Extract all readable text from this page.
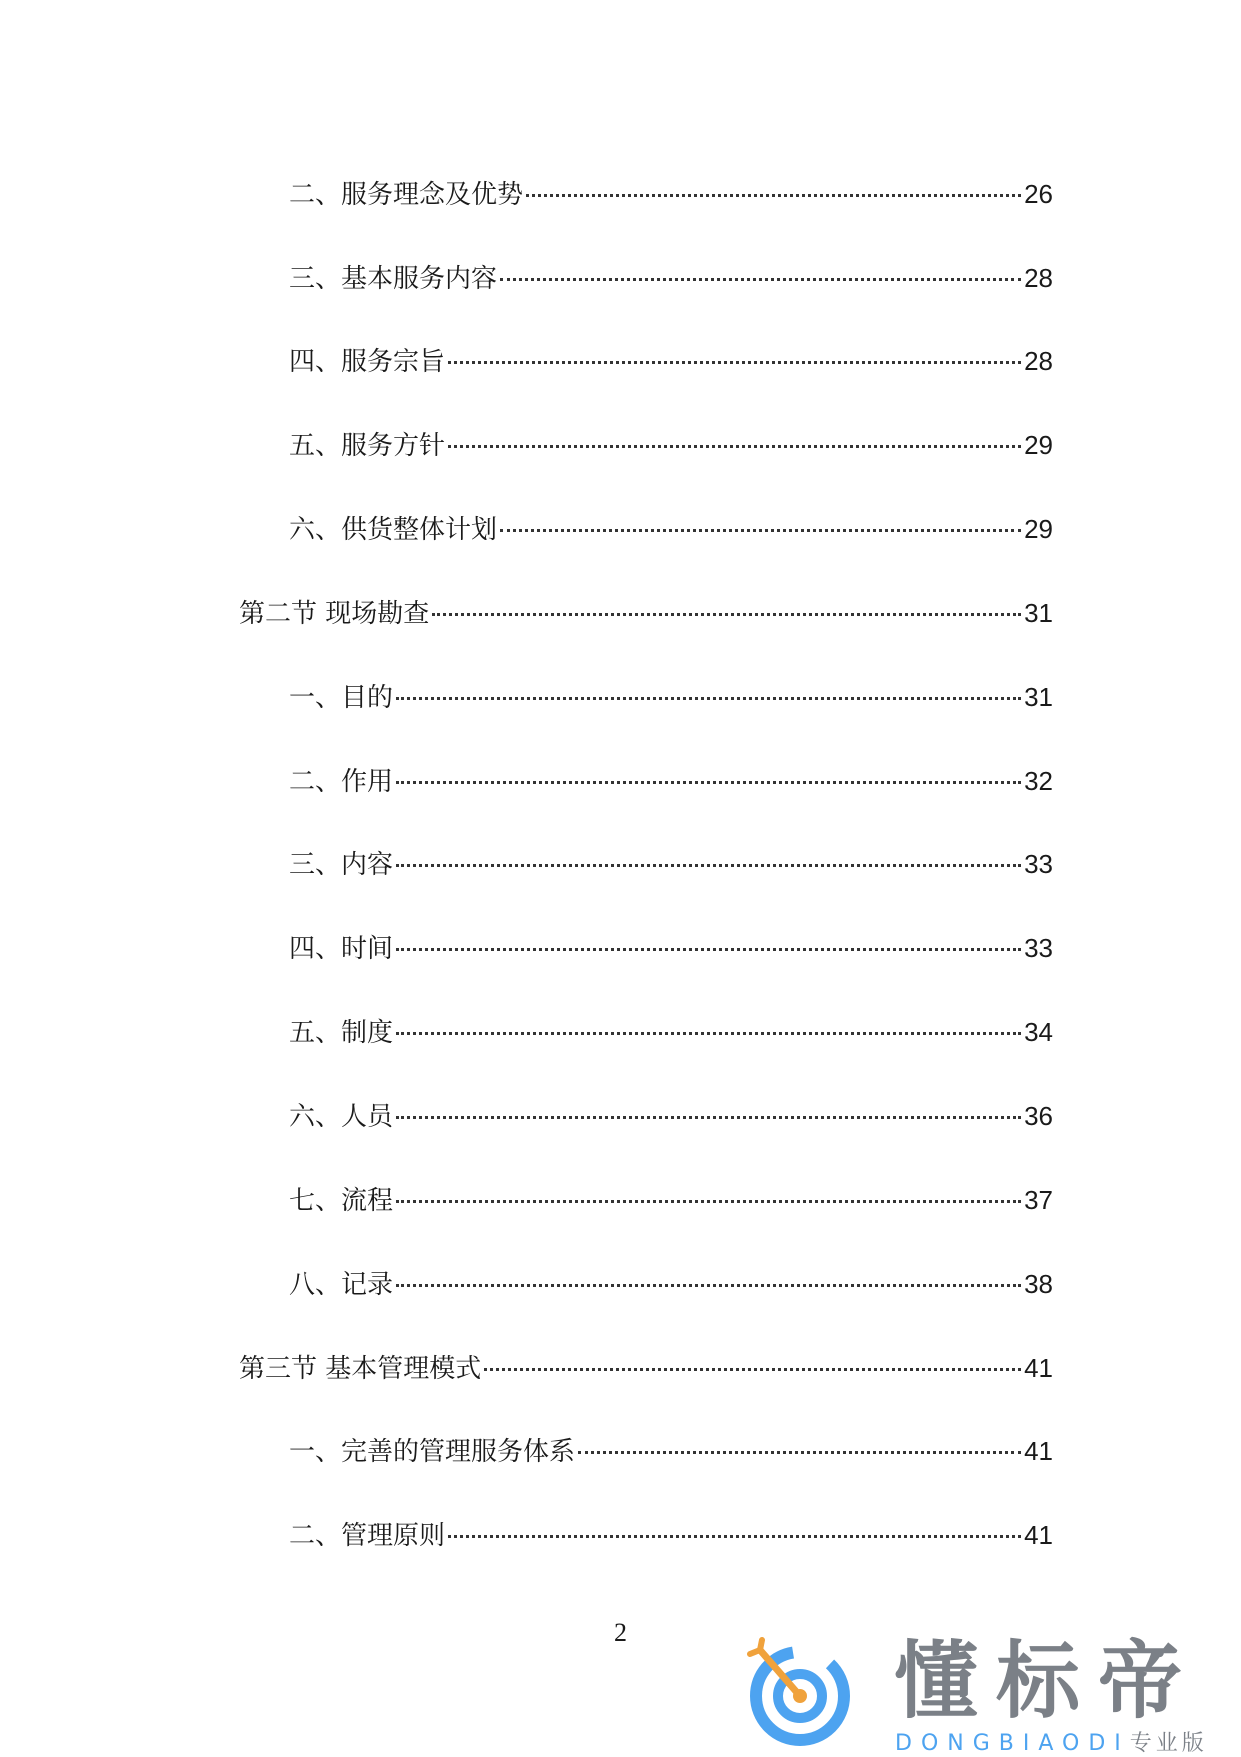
二、服务理念及优势	26
三、基本服务内容	28
四、服务宗旨	28
五、服务方针	29
六、供货整体计划	29
第二节 现场勘查	31
一、目的	31
二、作用	32
三、内容	33
四、时间	33
五、制度	34
六、人员	36
七、流程	37
八、记录	38
第三节 基本管理模式	41
一、完善的管理服务体系	41
二、管理原则	41
2	懂标帝
DONGBIAODI专业版
